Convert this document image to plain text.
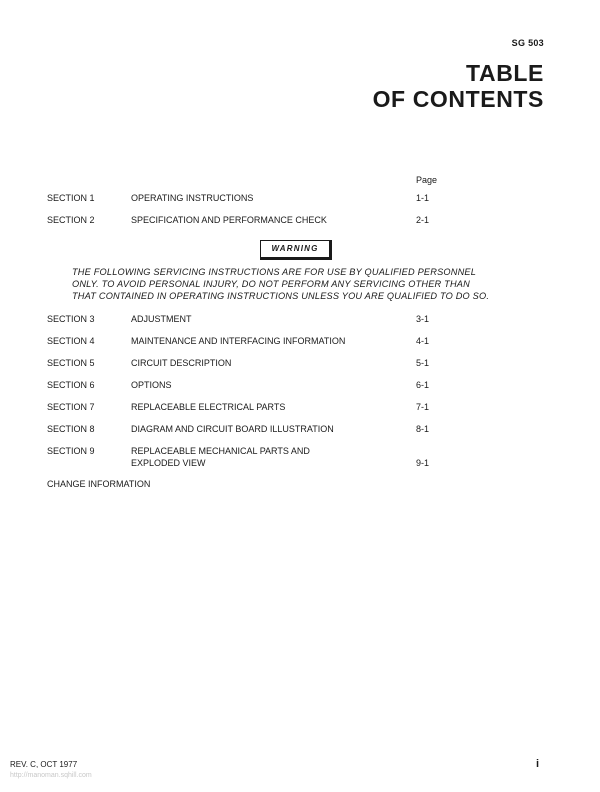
SG 503
TABLE
OF CONTENTS
Page
SECTION 1	OPERATING INSTRUCTIONS	1-1
SECTION 2	SPECIFICATION AND PERFORMANCE CHECK	2-1
WARNING
THE FOLLOWING SERVICING INSTRUCTIONS ARE FOR USE BY QUALIFIED PERSONNEL
ONLY. TO AVOID PERSONAL INJURY, DO NOT PERFORM ANY SERVICING OTHER THAN
THAT CONTAINED IN OPERATING INSTRUCTIONS UNLESS YOU ARE QUALIFIED TO DO SO.
SECTION 3	ADJUSTMENT	3-1
SECTION 4	MAINTENANCE AND INTERFACING INFORMATION	4-1
SECTION 5	CIRCUIT DESCRIPTION	5-1
SECTION 6	OPTIONS	6-1
SECTION 7	REPLACEABLE ELECTRICAL PARTS	7-1
SECTION 8	DIAGRAM AND CIRCUIT BOARD ILLUSTRATION	8-1
SECTION 9	REPLACEABLE MECHANICAL PARTS AND
EXPLODED VIEW	9-1
CHANGE INFORMATION
REV. C, OCT 1977	i
http://manoman.sqhill.com
